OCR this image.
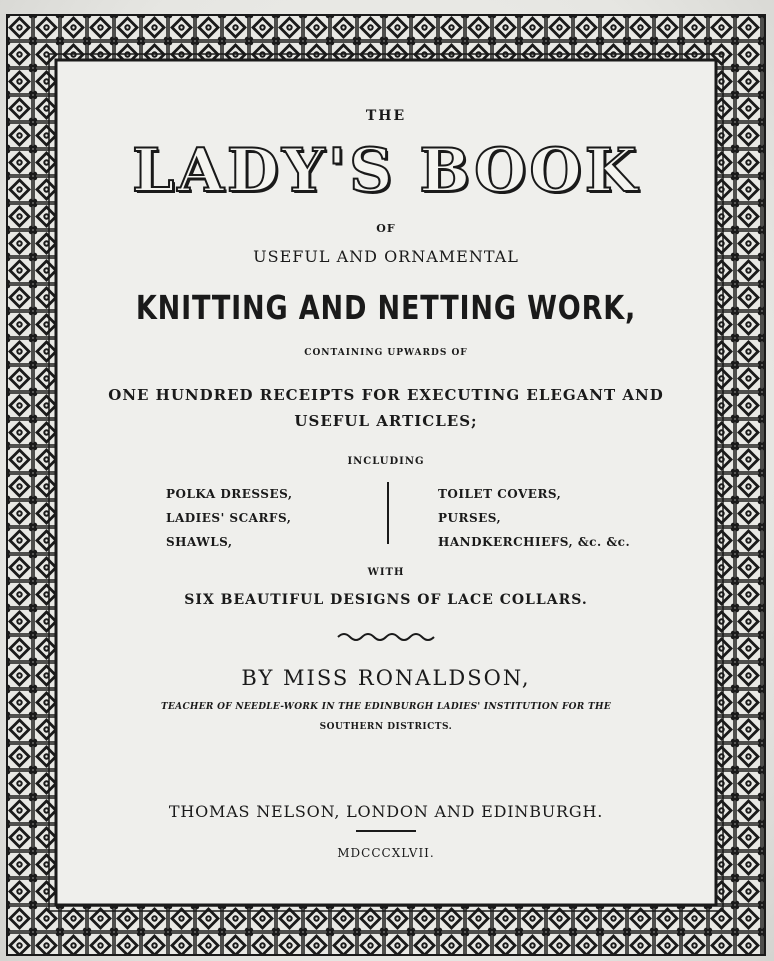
THE
LADY'S BOOK
OF
USEFUL AND ORNAMENTAL
KNITTING AND NETTING WORK,
CONTAINING UPWARDS OF
ONE HUNDRED RECEIPTS FOR EXECUTING ELEGANT AND
USEFUL ARTICLES;
INCLUDING
POLKA DRESSES,
LADIES' SCARFS,
SHAWLS,
TOILET COVERS,
PURSES,
HANDKERCHIEFS, &c. &c.
WITH
SIX BEAUTIFUL DESIGNS OF LACE COLLARS.
BY MISS RONALDSON,
TEACHER OF NEEDLE-WORK IN THE EDINBURGH LADIES' INSTITUTION FOR THE
SOUTHERN DISTRICTS.
THOMAS NELSON, LONDON AND EDINBURGH.
MDCCCXLVII.
